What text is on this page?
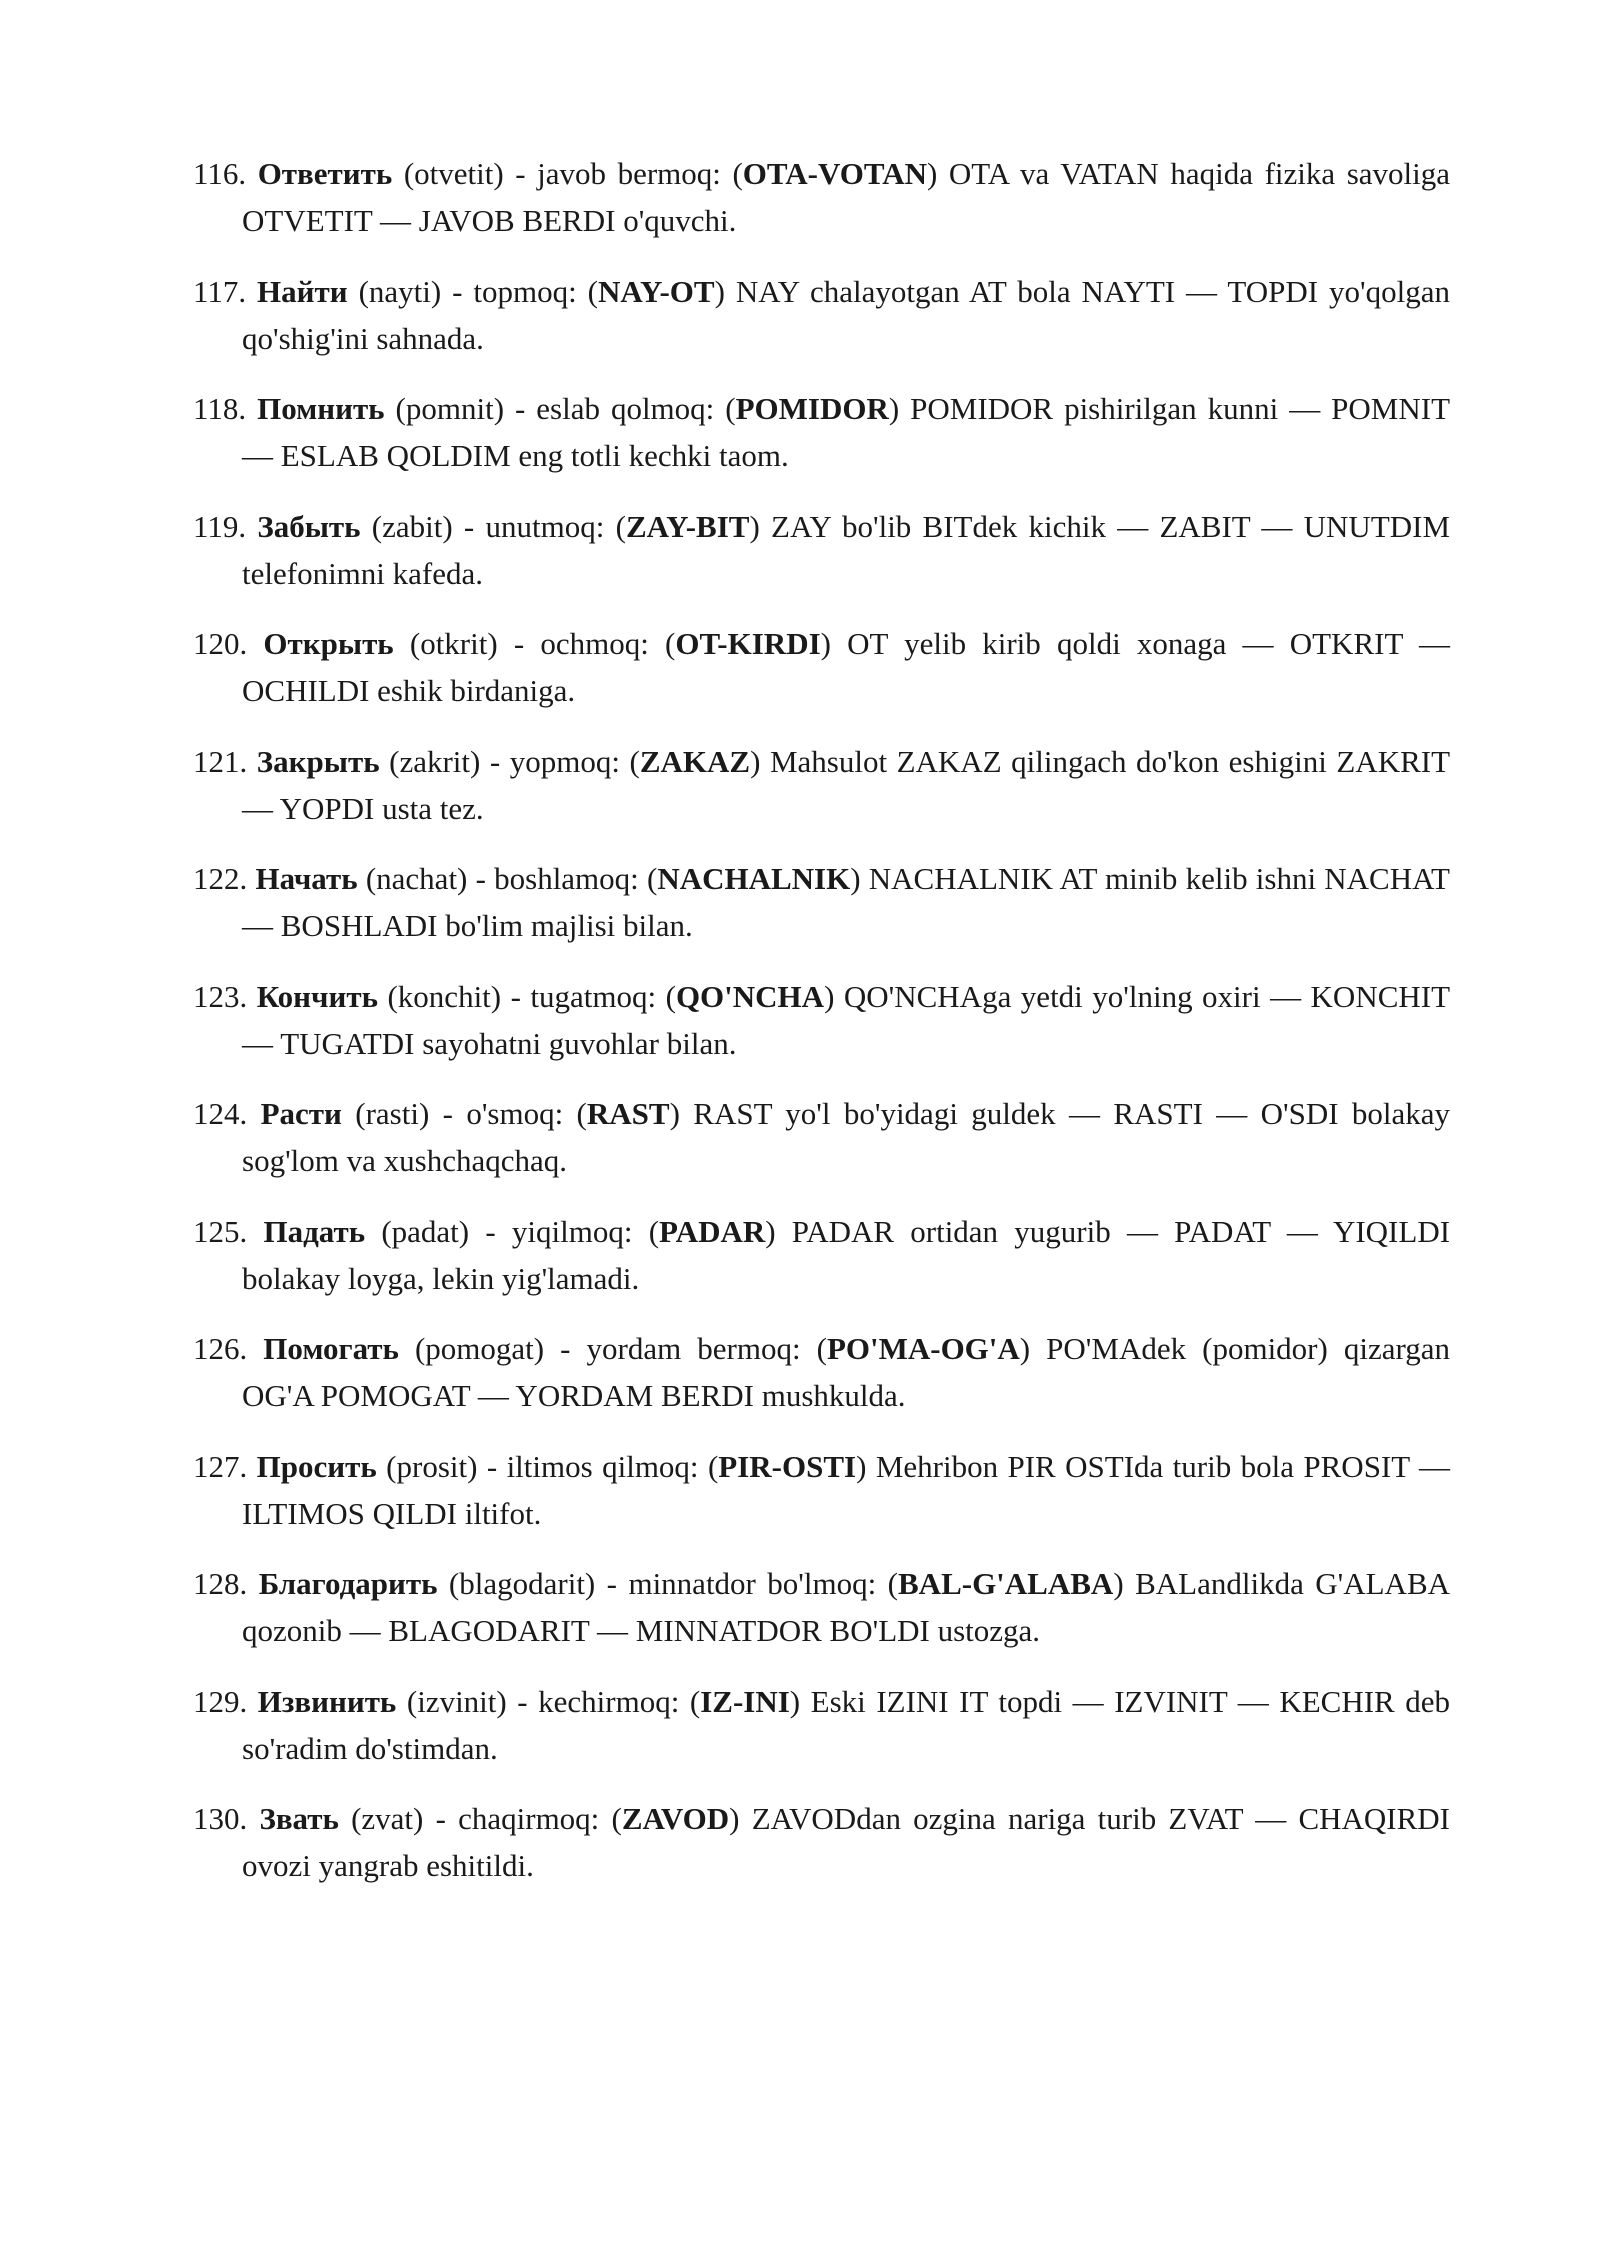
116. Ответить (otvetit) - javob bermoq: (OTA-VOTAN) OTA va VATAN haqida fizika savoliga OTVETIT — JAVOB BERDI o'quvchi.
117. Найти (nayti) - topmoq: (NAY-OT) NAY chalayotgan AT bola NAYTI — TOPDI yo'qolgan qo'shig'ini sahnada.
118. Помнить (pomnit) - eslab qolmoq: (POMIDOR) POMIDOR pishirilgan kunni — POMNIT — ESLAB QOLDIM eng totli kechki taom.
119. Забыть (zabit) - unutmoq: (ZAY-BIT) ZAY bo'lib BITdek kichik — ZABIT — UNUTDIM telefonimni kafeda.
120. Открыть (otkrit) - ochmoq: (OT-KIRDI) OT yelib kirib qoldi xonaga — OTKRIT — OCHILDI eshik birdaniga.
121. Закрыть (zakrit) - yopmoq: (ZAKAZ) Mahsulot ZAKAZ qilingach do'kon eshigini ZAKRIT — YOPDI usta tez.
122. Начать (nachat) - boshlamoq: (NACHALNIK) NACHALNIK AT minib kelib ishni NACHAT — BOSHLADI bo'lim majlisi bilan.
123. Кончить (konchit) - tugatmoq: (QO'NCHA) QO'NCHAga yetdi yo'lning oxiri — KONCHIT — TUGATDI sayohatni guvohlar bilan.
124. Расти (rasti) - o'smoq: (RAST) RAST yo'l bo'yidagi guldek — RASTI — O'SDI bolakay sog'lom va xushchaqchaq.
125. Падать (padat) - yiqilmoq: (PADAR) PADAR ortidan yugurib — PADAT — YIQILDI bolakay loyga, lekin yig'lamadi.
126. Помогать (pomogat) - yordam bermoq: (PO'MA-OG'A) PO'MAdek (pomidor) qizargan OG'A POMOGAT — YORDAM BERDI mushkulda.
127. Просить (prosit) - iltimos qilmoq: (PIR-OSTI) Mehribon PIR OSTIda turib bola PROSIT — ILTIMOS QILDI iltifot.
128. Благодарить (blagodarit) - minnatdor bo'lmoq: (BAL-G'ALABA) BALandlikda G'ALABA qozonib — BLAGODARIT — MINNATDOR BO'LDI ustozga.
129. Извинить (izvinit) - kechirmoq: (IZ-INI) Eski IZINI IT topdi — IZVINIT — KECHIR deb so'radim do'stimdan.
130. Звать (zvat) - chaqirmoq: (ZAVOD) ZAVODdan ozgina nariga turib ZVAT — CHAQIRDI ovozi yangrab eshitildi.
